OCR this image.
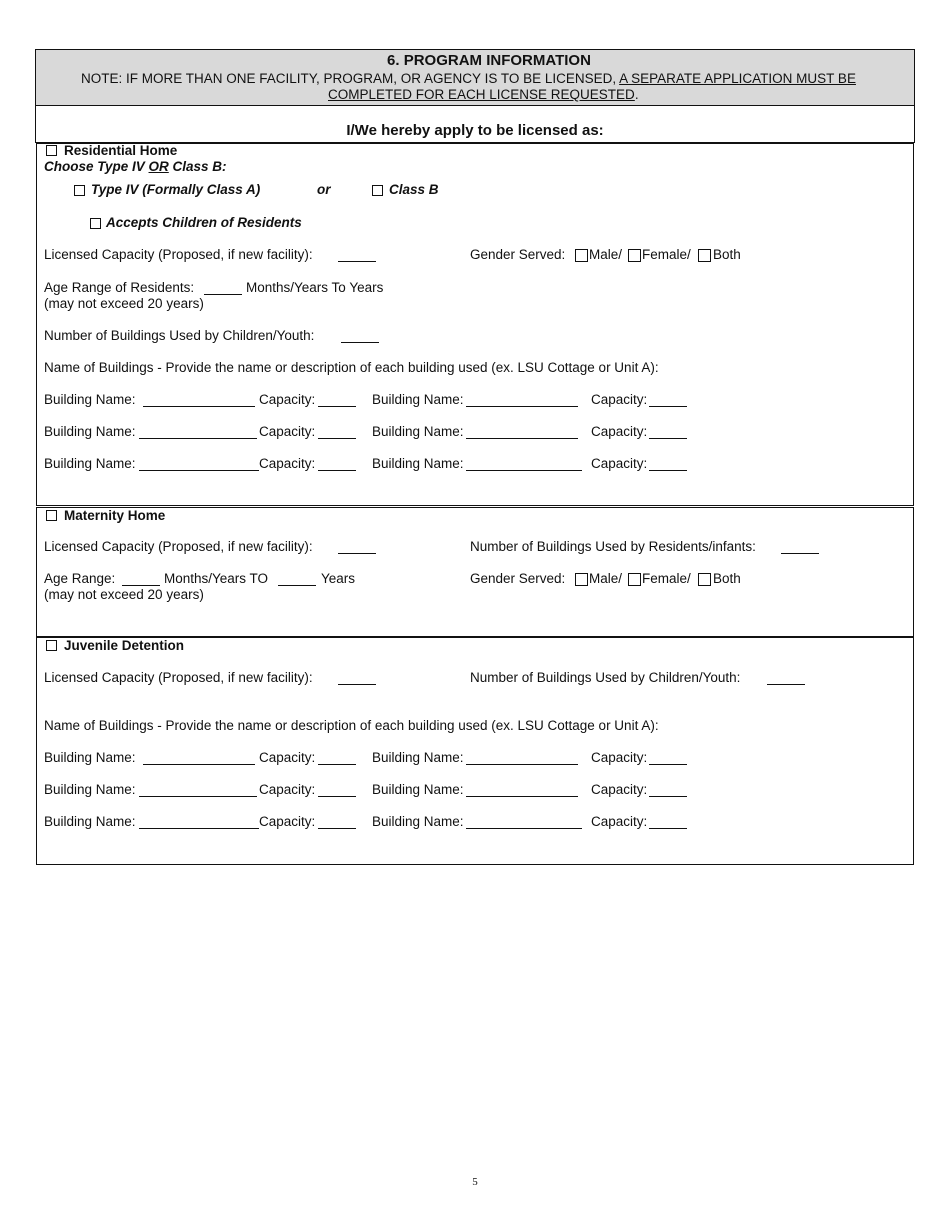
6. PROGRAM INFORMATION
NOTE: IF MORE THAN ONE FACILITY, PROGRAM, OR AGENCY IS TO BE LICENSED, A SEPARATE APPLICATION MUST BE
COMPLETED FOR EACH LICENSE REQUESTED.
I/We hereby apply to be licensed as:
Residential Home
Choose Type IV OR Class B:
Type IV (Formally Class A)	or	Class B
Accepts Children of Residents
Licensed Capacity (Proposed, if new facility):	Gender Served: Male/ Female/ Both
Age Range of Residents:	Months/Years To Years
(may not exceed 20 years)
Number of Buildings Used by Children/Youth:
Name of Buildings - Provide the name or description of each building used (ex. LSU Cottage or Unit A):
Building Name:	Capacity:	Building Name:	Capacity:
Building Name:	Capacity:	Building Name:	Capacity:
Building Name:	Capacity:	Building Name:	Capacity:
Maternity Home
Licensed Capacity (Proposed, if new facility):	Number of Buildings Used by Residents/infants:
Age Range:	Months/Years TO	Years
(may not exceed 20 years)
Gender Served: Male/ Female/ Both
Juvenile Detention
Licensed Capacity (Proposed, if new facility):	Number of Buildings Used by Children/Youth:
Name of Buildings - Provide the name or description of each building used (ex. LSU Cottage or Unit A):
Building Name:	Capacity:	Building Name:	Capacity:
Building Name:	Capacity:	Building Name:	Capacity:
Building Name:	Capacity:	Building Name:	Capacity:
5
